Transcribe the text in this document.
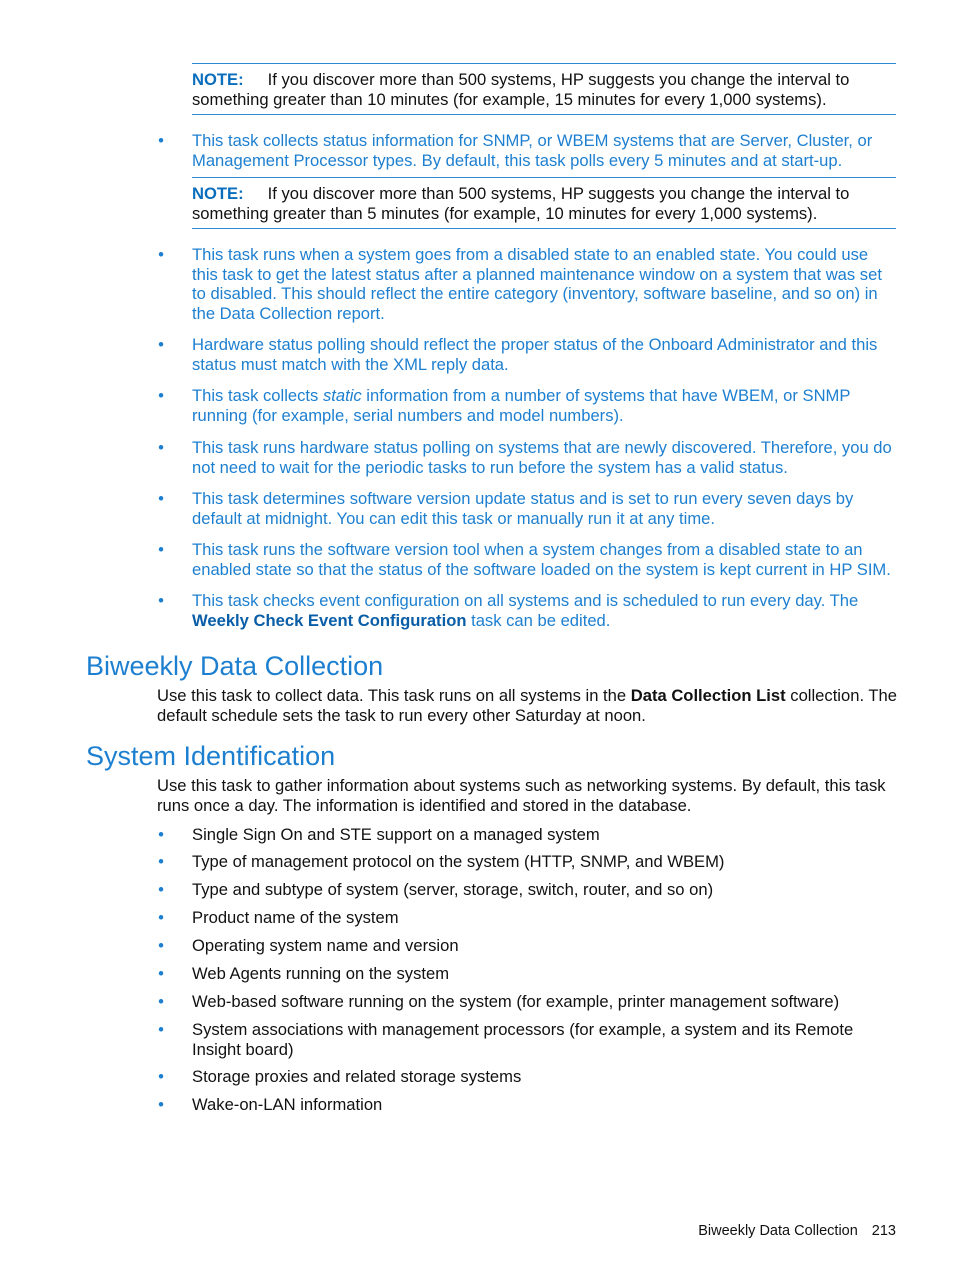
NOTE: If you discover more than 500 systems, HP suggests you change the interval to something greater than 10 minutes (for example, 15 minutes for every 1,000 systems).
• This task collects status information for SNMP, or WBEM systems that are Server, Cluster, or Management Processor types. By default, this task polls every 5 minutes and at start-up.
NOTE: If you discover more than 500 systems, HP suggests you change the interval to something greater than 5 minutes (for example, 10 minutes for every 1,000 systems).
• This task runs when a system goes from a disabled state to an enabled state. You could use this task to get the latest status after a planned maintenance window on a system that was set to disabled. This should reflect the entire category (inventory, software baseline, and so on) in the Data Collection report.
• Hardware status polling should reflect the proper status of the Onboard Administrator and this status must match with the XML reply data.
• This task collects static information from a number of systems that have WBEM, or SNMP running (for example, serial numbers and model numbers).
• This task runs hardware status polling on systems that are newly discovered. Therefore, you do not need to wait for the periodic tasks to run before the system has a valid status.
• This task determines software version update status and is set to run every seven days by default at midnight. You can edit this task or manually run it at any time.
• This task runs the software version tool when a system changes from a disabled state to an enabled state so that the status of the software loaded on the system is kept current in HP SIM.
• This task checks event configuration on all systems and is scheduled to run every day. The Weekly Check Event Configuration task can be edited.
Biweekly Data Collection
Use this task to collect data. This task runs on all systems in the Data Collection List collection. The default schedule sets the task to run every other Saturday at noon.
System Identification
Use this task to gather information about systems such as networking systems. By default, this task runs once a day. The information is identified and stored in the database.
• Single Sign On and STE support on a managed system
• Type of management protocol on the system (HTTP, SNMP, and WBEM)
• Type and subtype of system (server, storage, switch, router, and so on)
• Product name of the system
• Operating system name and version
• Web Agents running on the system
• Web-based software running on the system (for example, printer management software)
• System associations with management processors (for example, a system and its Remote Insight board)
• Storage proxies and related storage systems
• Wake-on-LAN information
Biweekly Data Collection 213
